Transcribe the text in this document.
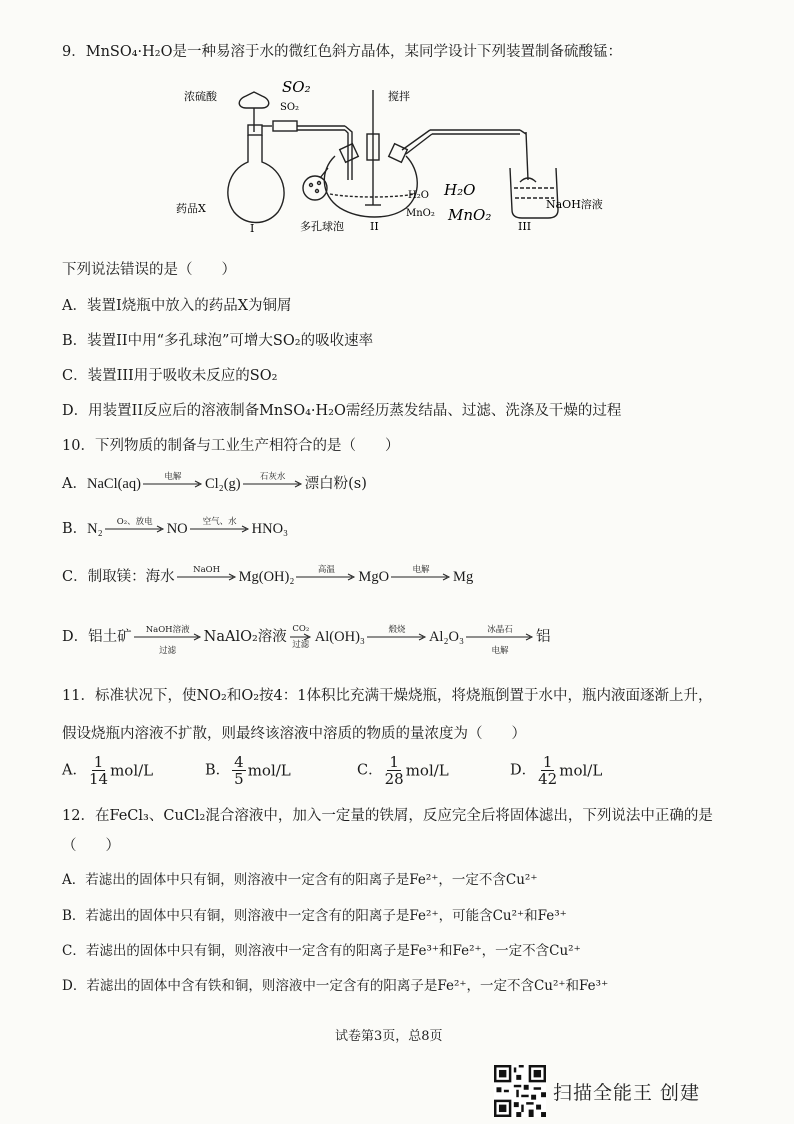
9．MnSO₄·H₂O是一种易溶于水的微红色斜方晶体，某同学设计下列装置制备硫酸锰：
浓硫酸
SO₂
SO₂
搅拌
药品X
I	多孔球泡 II
H₂O H₂O
MnO₂ MnO₂
NaOH溶液
III
下列说法错误的是（　　）
A．装置I烧瓶中放入的药品X为铜屑
B．装置II中用“多孔球泡”可增大SO₂的吸收速率
C．装置III用于吸收未反应的SO₂
D．用装置II反应后的溶液制备MnSO₄·H₂O需经历蒸发结晶、过滤、洗涤及干燥的过程
10．下列物质的制备与工业生产相符合的是（　　）
A．NaCl(aq)	电解	Cl₂(g)	石灰水	漂白粉(s)
B．N₂	O₂、放电 NO	空气、水	HNO₃
C．制取镁：海水	NaOH	Mg(OH)₂	高温	MgO	电解	Mg
D．铝土矿	NaOH溶液
过滤
NaAlO₂溶液 CO₂
过滤 Al(OH)₃	煅烧	Al₂O₃	冰晶石
电解
铝
11．标准状况下，使NO₂和O₂按4：1体积比充满干燥烧瓶，将烧瓶倒置于水中，瓶内液面逐渐上升，
假设烧瓶内溶液不扩散，则最终该溶液中溶质的物质的量浓度为（　　）
A． $\frac{1}{14} mol/L$	B． $\frac{4}{5} mol/L$	C． $\frac{1}{28} mol/L$	D． $\frac{1}{42} mol/L$
12．在FeCl₃、CuCl₂混合溶液中，加入一定量的铁屑，反应完全后将固体滤出，下列说法中正确的是
（　　）
A．若滤出的固体中只有铜，则溶液中一定含有的阳离子是Fe²⁺，一定不含Cu²⁺
B．若滤出的固体中只有铜，则溶液中一定含有的阳离子是Fe²⁺，可能含Cu²⁺和Fe³⁺
C．若滤出的固体中只有铜，则溶液中一定含有的阳离子是Fe³⁺和Fe²⁺，一定不含Cu²⁺
D．若滤出的固体中含有铁和铜，则溶液中一定含有的阳离子是Fe²⁺，一定不含Cu²⁺和Fe³⁺
试卷第3页，总8页
扫描全能王 创建
